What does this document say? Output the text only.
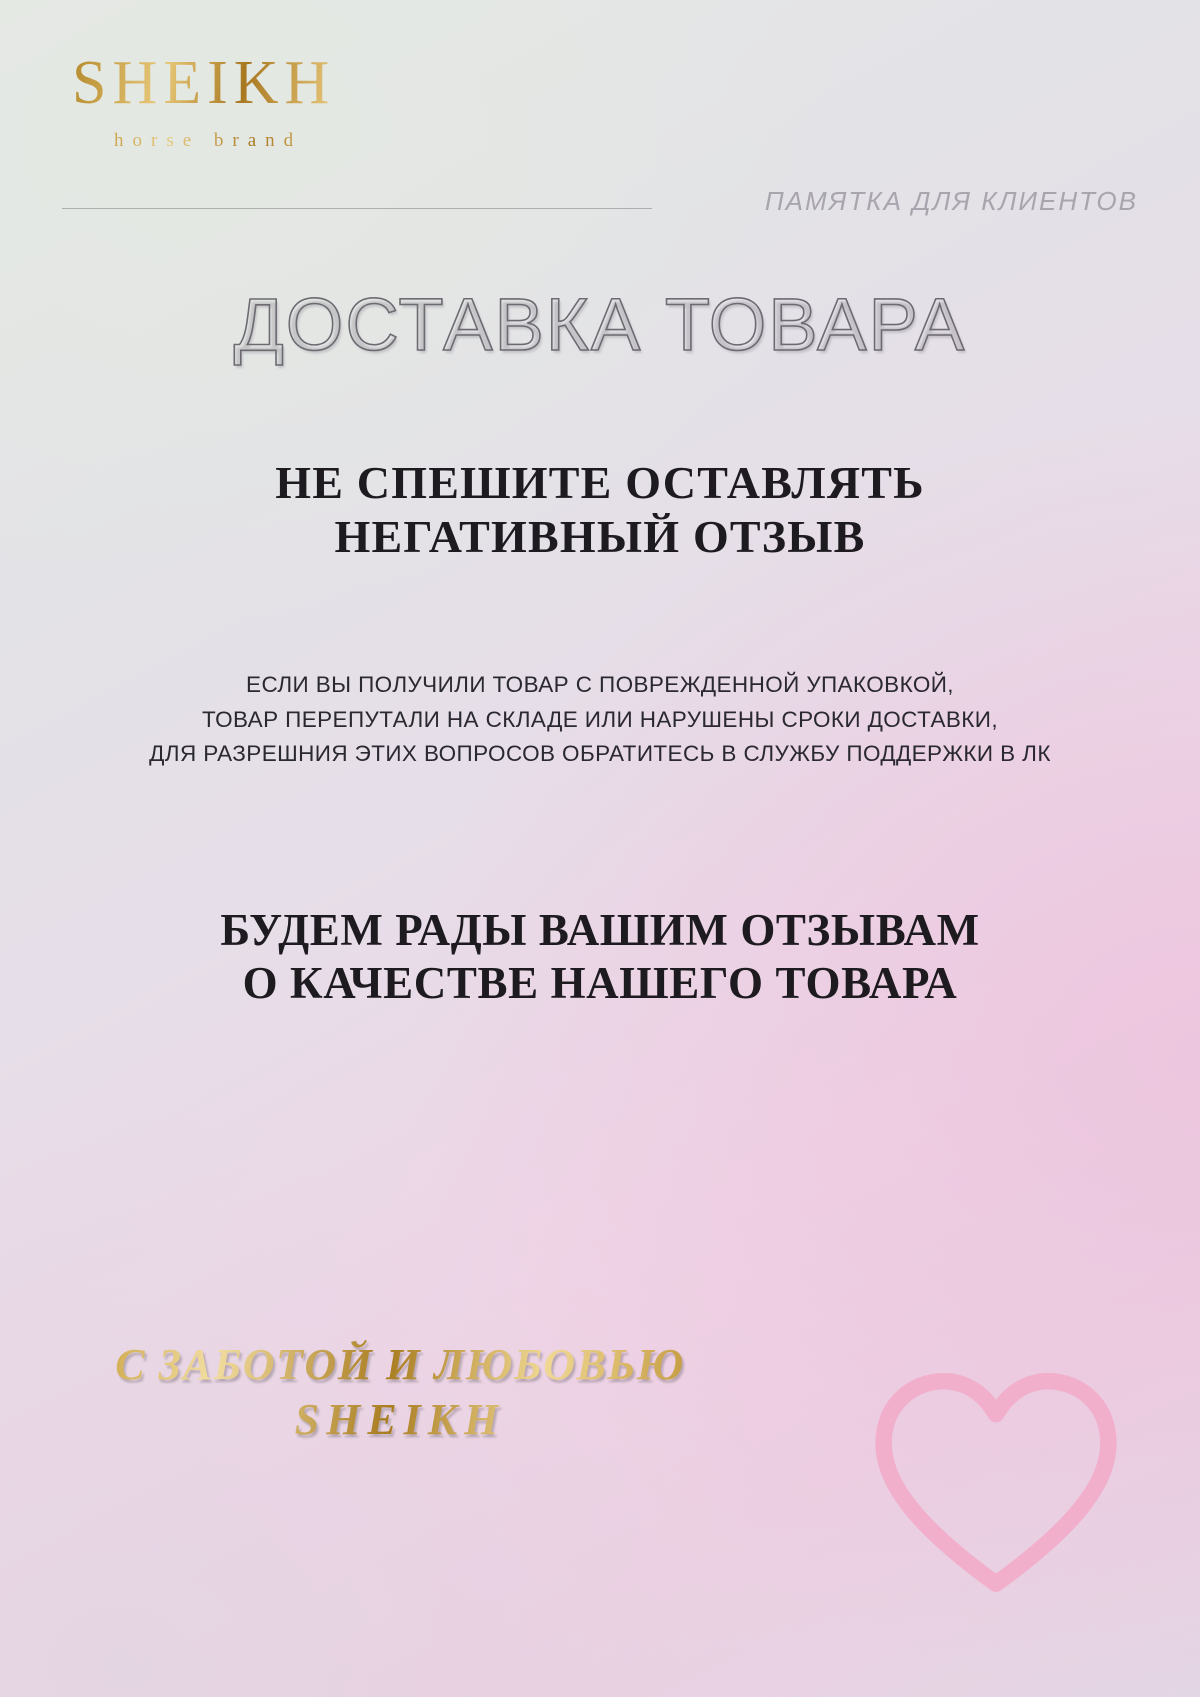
SHEIKH
horse brand
ПАМЯТКА ДЛЯ КЛИЕНТОВ
ДОСТАВКА ТОВАРА
НЕ СПЕШИТЕ ОСТАВЛЯТЬ
НЕГАТИВНЫЙ ОТЗЫВ
ЕСЛИ ВЫ ПОЛУЧИЛИ ТОВАР С ПОВРЕЖДЕННОЙ УПАКОВКОЙ,
ТОВАР ПЕРЕПУТАЛИ НА СКЛАДЕ ИЛИ НАРУШЕНЫ СРОКИ ДОСТАВКИ,
ДЛЯ РАЗРЕШНИЯ ЭТИХ ВОПРОСОВ ОБРАТИТЕСЬ В СЛУЖБУ ПОДДЕРЖКИ В ЛК
БУДЕМ РАДЫ ВАШИМ ОТЗЫВАМ
О КАЧЕСТВЕ НАШЕГО ТОВАРА
С ЗАБОТОЙ И ЛЮБОВЬЮ
SHEIKH
